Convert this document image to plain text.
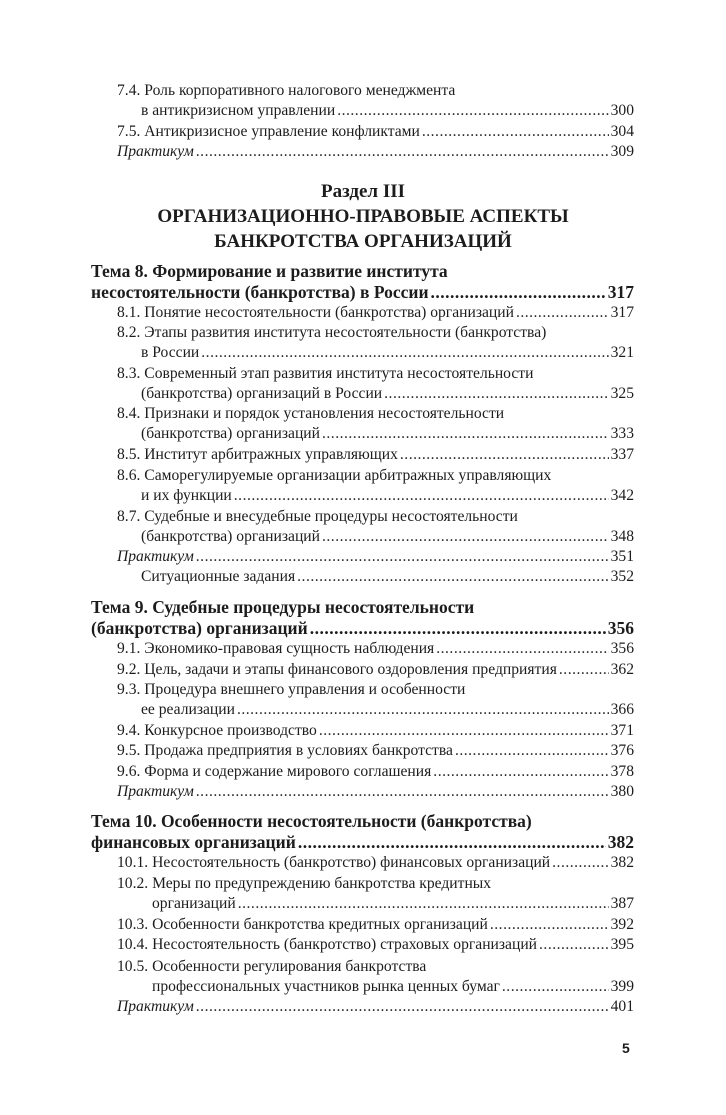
7.4. Роль корпоративного налогового менеджмента
в антикризисном управлении .....	300
7.5. Антикризисное управление конфликтами .....	304
Практикум .....	309
Раздел III
ОРГАНИЗАЦИОННО-ПРАВОВЫЕ АСПЕКТЫ
БАНКРОТСТВА ОРГАНИЗАЦИЙ
Тема 8. Формирование и развитие института
несостоятельности (банкротства) в России .....	317
8.1. Понятие несостоятельности (банкротства) организаций .....	317
8.2. Этапы развития института несостоятельности (банкротства)
в России .....	321
8.3. Современный этап развития института несостоятельности
(банкротства) организаций в России .....	325
8.4. Признаки и порядок установления несостоятельности
(банкротства) организаций .....	333
8.5. Институт арбитражных управляющих .....	337
8.6. Саморегулируемые организации арбитражных управляющих
и их функции .....	342
8.7. Судебные и внесудебные процедуры несостоятельности
(банкротства) организаций .....	348
Практикум .....	351
Ситуационные задания .....	352
Тема 9. Судебные процедуры несостоятельности
(банкротства) организаций .....	356
9.1. Экономико-правовая сущность наблюдения .....	356
9.2. Цель, задачи и этапы финансового оздоровления предприятия .....	362
9.3. Процедура внешнего управления и особенности
ее реализации .....	366
9.4. Конкурсное производство .....	371
9.5. Продажа предприятия в условиях банкротства .....	376
9.6. Форма и содержание мирового соглашения .....	378
Практикум .....	380
Тема 10. Особенности несостоятельности (банкротства)
финансовых организаций .....	382
10.1. Несостоятельность (банкротство) финансовых организаций .....	382
10.2. Меры по предупреждению банкротства кредитных
организаций .....	387
10.3. Особенности банкротства кредитных организаций .....	392
10.4. Несостоятельность (банкротство) страховых организаций .....	395
10.5. Особенности регулирования банкротства
профессиональных участников рынка ценных бумаг .....	399
Практикум .....	401
5
